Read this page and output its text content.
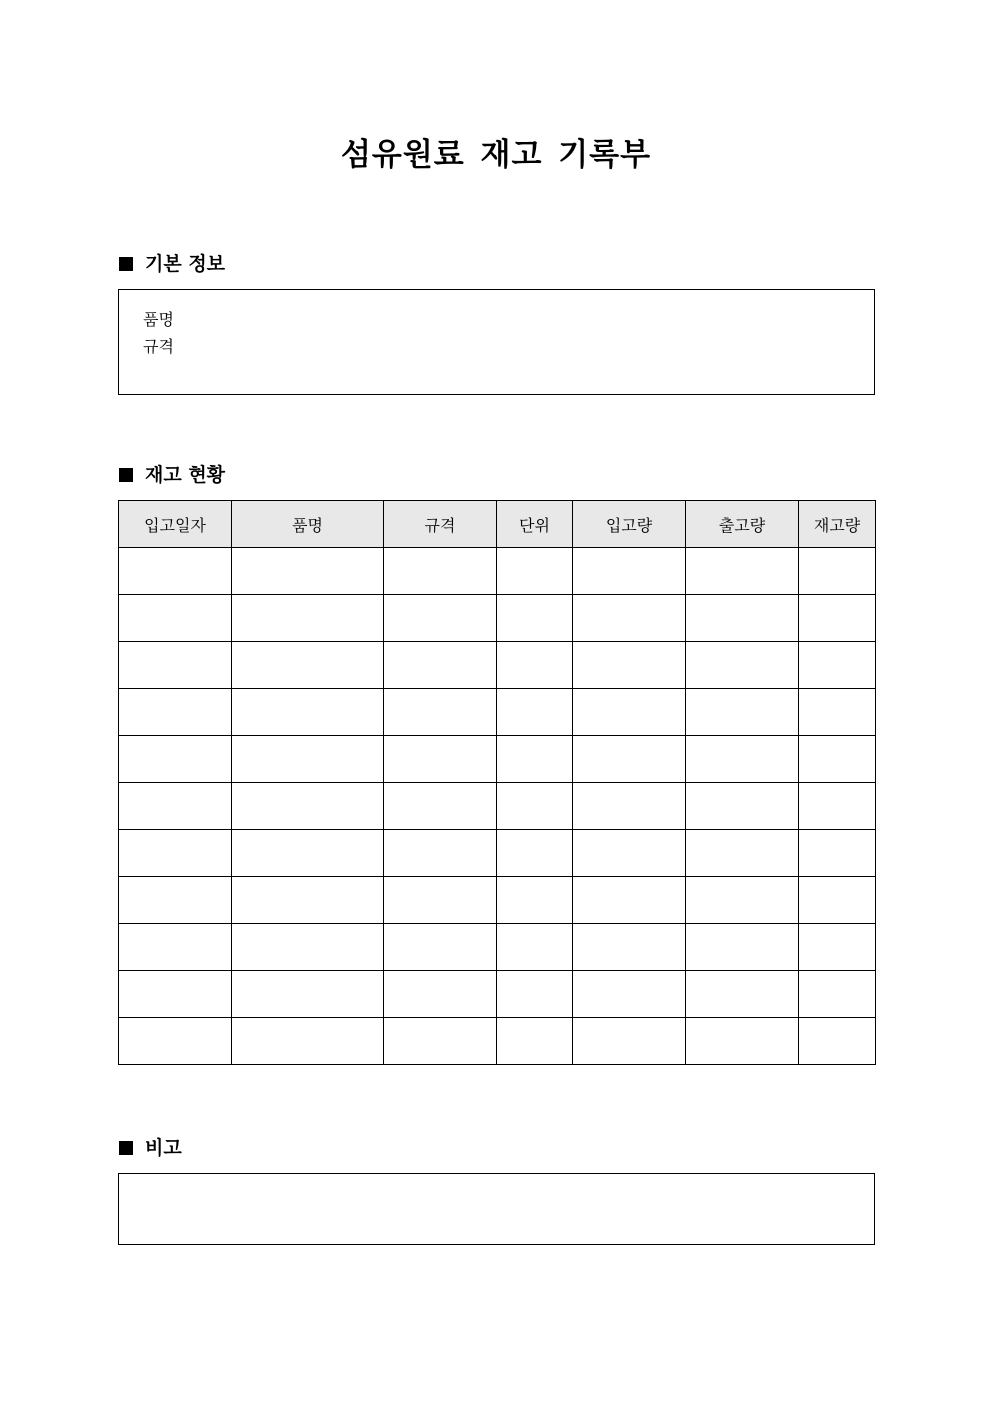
섬유원료 재고 기록부
기본 정보
품명
규격
재고 현황
입고일자	품명	규격	단위	입고량	출고량	재고량

비고
